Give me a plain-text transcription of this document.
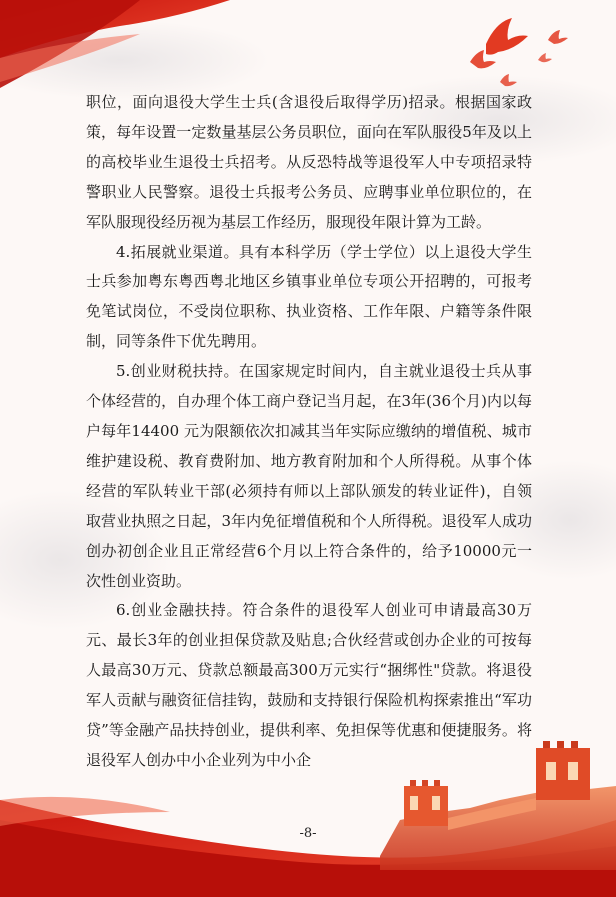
职位，面向退役大学生士兵(含退役后取得学历)招录。根据国家政策，每年设置一定数量基层公务员职位，面向在军队服役5年及以上的高校毕业生退役士兵招考。从反恐特战等退役军人中专项招录特警职业人民警察。退役士兵报考公务员、应聘事业单位职位的，在军队服现役经历视为基层工作经历，服现役年限计算为工龄。

4.拓展就业渠道。具有本科学历（学士学位）以上退役大学生士兵参加粤东粤西粤北地区乡镇事业单位专项公开招聘的，可报考免笔试岗位，不受岗位职称、执业资格、工作年限、户籍等条件限制，同等条件下优先聘用。

5.创业财税扶持。在国家规定时间内，自主就业退役士兵从事个体经营的，自办理个体工商户登记当月起，在3年(36个月)内以每户每年14400 元为限额依次扣减其当年实际应缴纳的增值税、城市维护建设税、教育费附加、地方教育附加和个人所得税。从事个体经营的军队转业干部(必须持有师以上部队颁发的转业证件)，自领取营业执照之日起，3年内免征增值税和个人所得税。退役军人成功创办初创企业且正常经营6个月以上符合条件的，给予10000元一次性创业资助。

6.创业金融扶持。符合条件的退役军人创业可申请最高30万元、最长3年的创业担保贷款及贴息;合伙经营或创办企业的可按每人最高30万元、贷款总额最高300万元实行“捆绑性"贷款。将退役军人贡献与融资征信挂钩，鼓励和支持银行保险机构探索推出“军功贷”等金融产品扶持创业，提供利率、免担保等优惠和便捷服务。将退役军人创办中小企业列为中小企

-8-
